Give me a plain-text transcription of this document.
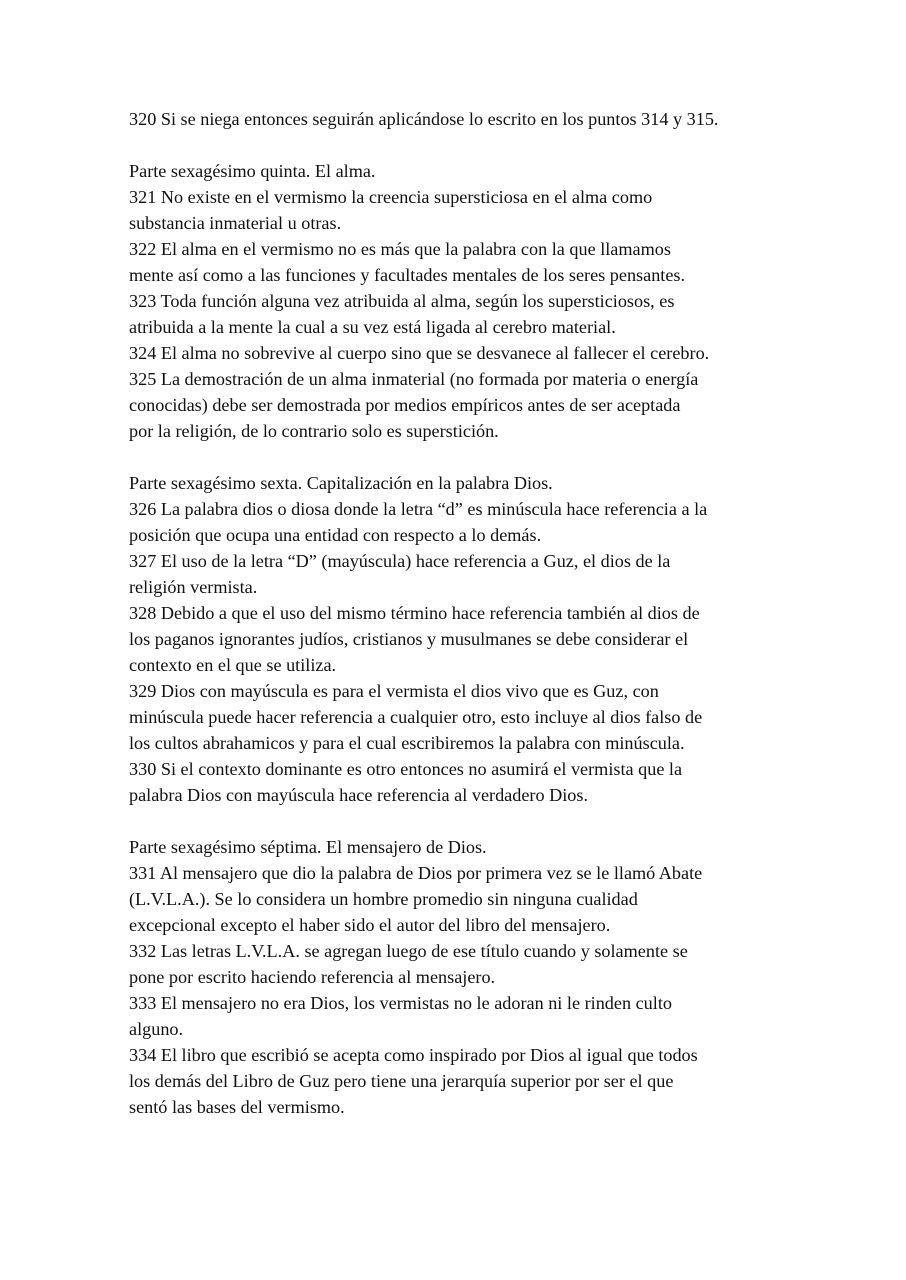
320 Si se niega entonces seguirán aplicándose lo escrito en los puntos 314 y 315.
Parte sexagésimo quinta. El alma.
321 No existe en el vermismo la creencia supersticiosa en el alma como
substancia inmaterial u otras.
322 El alma en el vermismo no es más que la palabra con la que llamamos
mente así como a las funciones y facultades mentales de los seres pensantes.
323 Toda función alguna vez atribuida al alma, según los supersticiosos, es
atribuida a la mente la cual a su vez está ligada al cerebro material.
324 El alma no sobrevive al cuerpo sino que se desvanece al fallecer el cerebro.
325 La demostración de un alma inmaterial (no formada por materia o energía
conocidas) debe ser demostrada por medios empíricos antes de ser aceptada
por la religión, de lo contrario solo es superstición.
Parte sexagésimo sexta. Capitalización en la palabra Dios.
326 La palabra dios o diosa donde la letra “d” es minúscula hace referencia a la
posición que ocupa una entidad con respecto a lo demás.
327 El uso de la letra “D” (mayúscula) hace referencia a Guz, el dios de la
religión vermista.
328 Debido a que el uso del mismo término hace referencia también al dios de
los paganos ignorantes judíos, cristianos y musulmanes se debe considerar el
contexto en el que se utiliza.
329 Dios con mayúscula es para el vermista el dios vivo que es Guz, con
minúscula puede hacer referencia a cualquier otro, esto incluye al dios falso de
los cultos abrahamicos y para el cual escribiremos la palabra con minúscula.
330 Si el contexto dominante es otro entonces no asumirá el vermista que la
palabra Dios con mayúscula hace referencia al verdadero Dios.
Parte sexagésimo séptima. El mensajero de Dios.
331 Al mensajero que dio la palabra de Dios por primera vez se le llamó Abate
(L.V.L.A.). Se lo considera un hombre promedio sin ninguna cualidad
excepcional excepto el haber sido el autor del libro del mensajero.
332 Las letras L.V.L.A. se agregan luego de ese título cuando y solamente se
pone por escrito haciendo referencia al mensajero.
333 El mensajero no era Dios, los vermistas no le adoran ni le rinden culto
alguno.
334 El libro que escribió se acepta como inspirado por Dios al igual que todos
los demás del Libro de Guz pero tiene una jerarquía superior por ser el que
sentó las bases del vermismo.
